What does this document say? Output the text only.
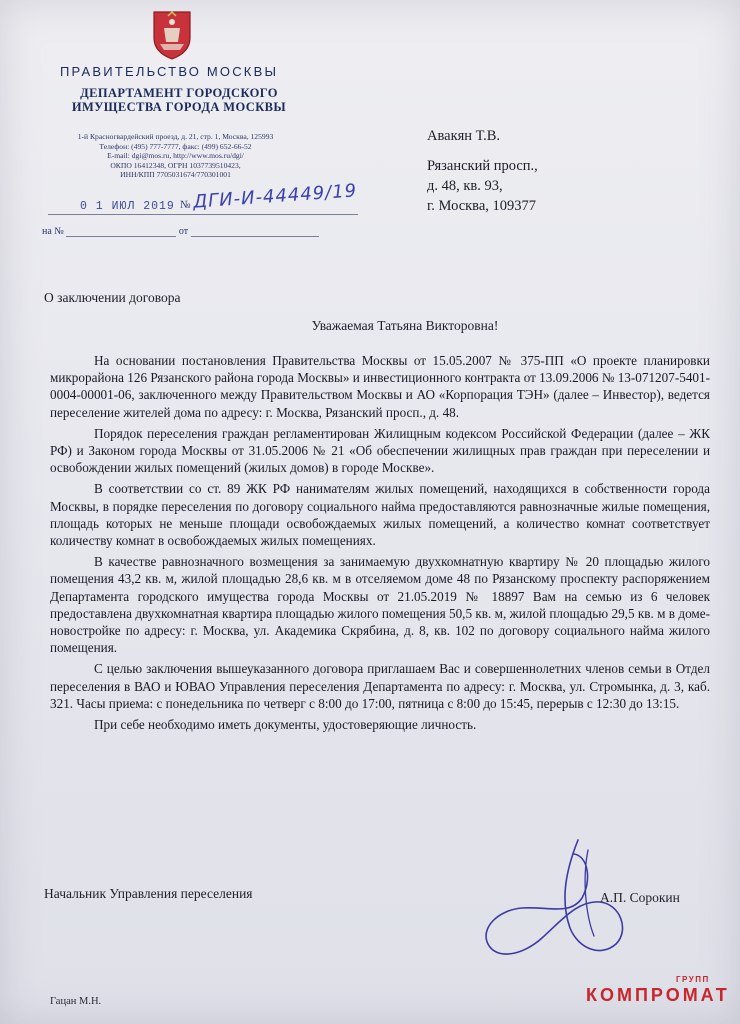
ПРАВИТЕЛЬСТВО МОСКВЫ
ДЕПАРТАМЕНТ ГОРОДСКОГО
ИМУЩЕСТВА ГОРОДА МОСКВЫ
1-й Красногвардейский проезд, д. 21, стр. 1, Москва, 125993
Телефон: (495) 777-7777, факс: (499) 652-66-52
E-mail: dgi@mos.ru, http://www.mos.ru/dgi/
ОКПО 16412348, ОГРН 1037739510423,
ИНН/КПП 7705031674/770301001
0 1 ИЮЛ 2019 № ДГИ-И-44449/19
на №	от
Авакян Т.В.
Рязанский просп.,
д. 48, кв. 93,
г. Москва, 109377
О заключении договора
Уважаемая Татьяна Викторовна!

На основании постановления Правительства Москвы от 15.05.2007 № 375-ПП «О проекте планировки микрорайона 126 Рязанского района города Москвы» и инвестиционного контракта от 13.09.2006 № 13-071207-5401-0004-00001-06, заключенного между Правительством Москвы и АО «Корпорация ТЭН» (далее – Инвестор), ведется переселение жителей дома по адресу: г. Москва, Рязанский просп., д. 48.

Порядок переселения граждан регламентирован Жилищным кодексом Российской Федерации (далее – ЖК РФ) и Законом города Москвы от 31.05.2006 № 21 «Об обеспечении жилищных прав граждан при переселении и освобождении жилых помещений (жилых домов) в городе Москве».

В соответствии со ст. 89 ЖК РФ нанимателям жилых помещений, находящихся в собственности города Москвы, в порядке переселения по договору социального найма предоставляются равнозначные жилые помещения, площадь которых не меньше площади освобождаемых жилых помещений, а количество комнат соответствует количеству комнат в освобождаемых жилых помещениях.

В качестве равнозначного возмещения за занимаемую двухкомнатную квартиру № 20 площадью жилого помещения 43,2 кв. м, жилой площадью 28,6 кв. м в отселяемом доме 48 по Рязанскому проспекту распоряжением Департамента городского имущества города Москвы от 21.05.2019 № 18897 Вам на семью из 6 человек предоставлена двухкомнатная квартира площадью жилого помещения 50,5 кв. м, жилой площадью 29,5 кв. м в доме-новостройке по адресу: г. Москва, ул. Академика Скрябина, д. 8, кв. 102 по договору социального найма жилого помещения.

С целью заключения вышеуказанного договора приглашаем Вас и совершеннолетних членов семьи в Отдел переселения в ВАО и ЮВАО Управления переселения Департамента по адресу: г. Москва, ул. Стромынка, д. 3, каб. 321. Часы приема: с понедельника по четверг с 8:00 до 17:00, пятница с 8:00 до 15:45, перерыв с 12:30 до 13:15.

При себе необходимо иметь документы, удостоверяющие личность.

Начальник Управления переселения	А.П. Сорокин
Гацан М.Н.
ГРУПП
КОМПРОМАТ
